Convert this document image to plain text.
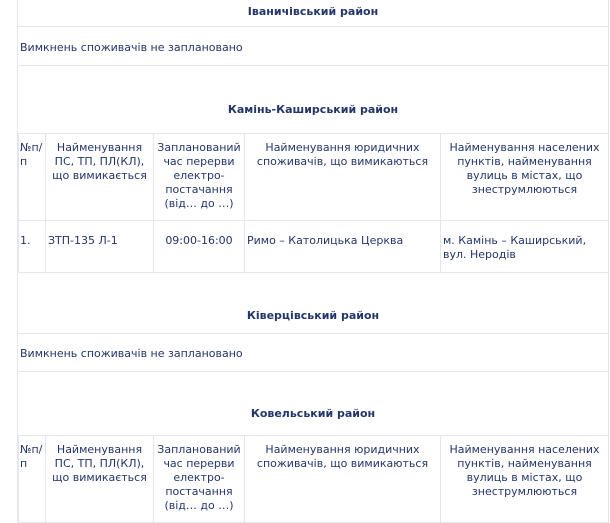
Іваничівський район
Вимкнень споживачів не заплановано
Камінь-Каширський район
№п/п	Найменування ПС, ТП, ПЛ(КЛ), що вимикається	Запланований час перерви електро-постачання (від… до …)	Найменування юридичних споживачів, що вимикаються	Найменування населених пунктів, найменування вулиць в містах, що знеструмлюються
1.	ЗТП-135 Л-1	09:00-16:00	Римо – Католицька Церква	м. Камінь – Каширський, вул. Неродів
Ківерцівський район
Вимкнень споживачів не заплановано
Ковельський район
№п/п	Найменування ПС, ТП, ПЛ(КЛ), що вимикається	Запланований час перерви електро-постачання (від… до …)	Найменування юридичних споживачів, що вимикаються	Найменування населених пунктів, найменування вулиць в містах, що знеструмлюються
